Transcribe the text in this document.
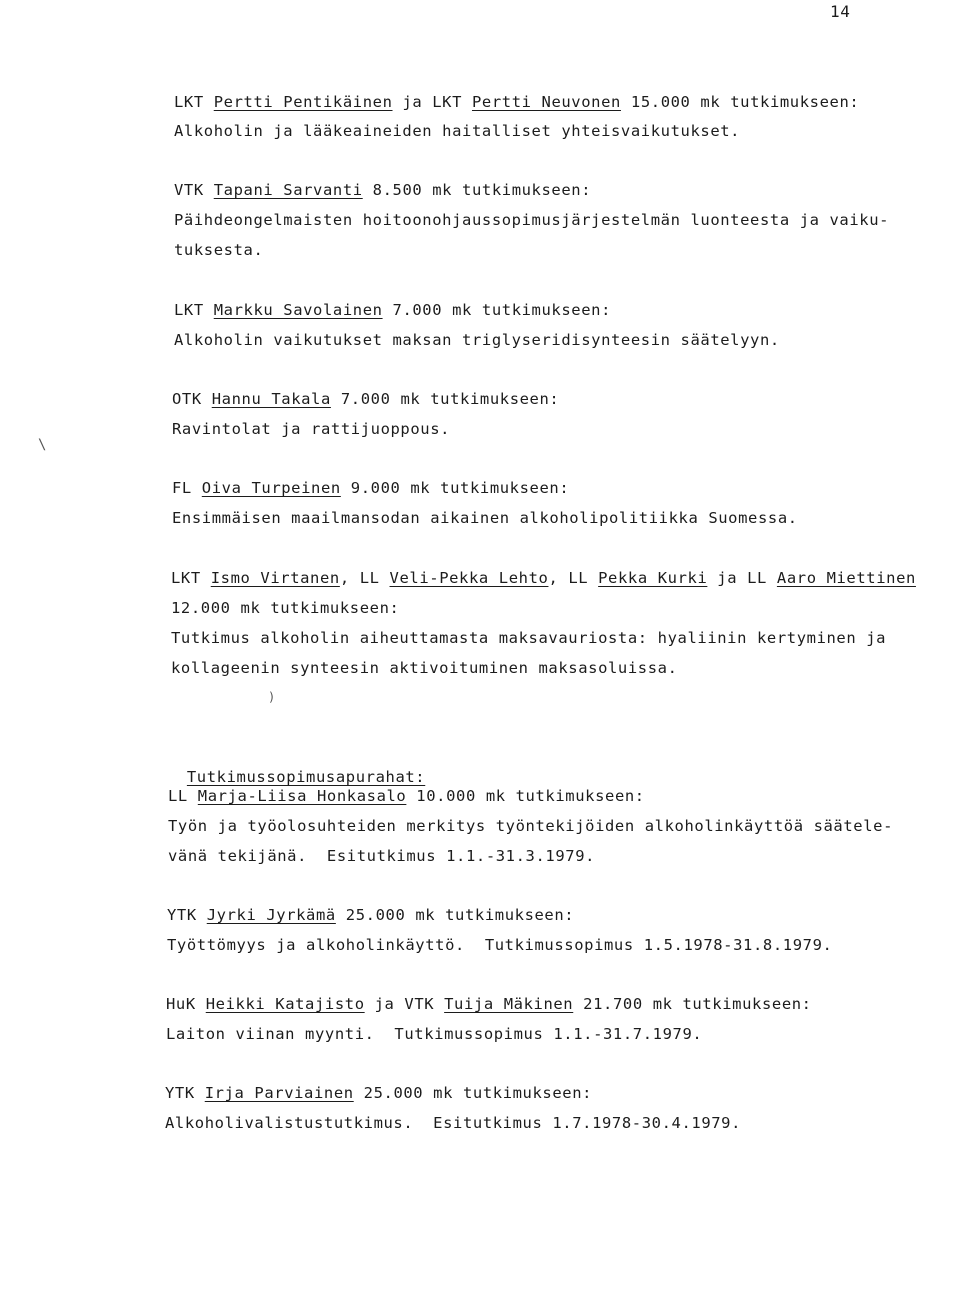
14
LKT Pertti Pentikäinen ja LKT Pertti Neuvonen 15.000 mk tutkimukseen:
Alkoholin ja lääkeaineiden haitalliset yhteisvaikutukset.
VTK Tapani Sarvanti 8.500 mk tutkimukseen:
Päihdeongelmaisten hoitoonohjaussopimusjärjestelmän luonteesta ja vaiku-
tuksesta.
LKT Markku Savolainen 7.000 mk tutkimukseen:
Alkoholin vaikutukset maksan triglyseridisynteesin säätelyyn.
OTK Hannu Takala 7.000 mk tutkimukseen:
Ravintolat ja rattijuoppous.
FL Oiva Turpeinen 9.000 mk tutkimukseen:
Ensimmäisen maailmansodan aikainen alkoholipolitiikka Suomessa.
LKT Ismo Virtanen, LL Veli-Pekka Lehto, LL Pekka Kurki ja LL Aaro Miettinen
12.000 mk tutkimukseen:
Tutkimus alkoholin aiheuttamasta maksavauriosta: hyaliinin kertyminen ja
kollageenin synteesin aktivoituminen maksasoluissa.

Tutkimussopimusapurahat:

LL Marja-Liisa Honkasalo 10.000 mk tutkimukseen:
Työn ja työolosuhteiden merkitys työntekijöiden alkoholinkäyttöä säätele-
vänä tekijänä.  Esitutkimus 1.1.-31.3.1979.
YTK Jyrki Jyrkämä 25.000 mk tutkimukseen:
Työttömyys ja alkoholinkäyttö.  Tutkimussopimus 1.5.1978-31.8.1979.
HuK Heikki Katajisto ja VTK Tuija Mäkinen 21.700 mk tutkimukseen:
Laiton viinan myynti.  Tutkimussopimus 1.1.-31.7.1979.
YTK Irja Parviainen 25.000 mk tutkimukseen:
Alkoholivalistustutkimus.  Esitutkimus 1.7.1978-30.4.1979.
\
)
